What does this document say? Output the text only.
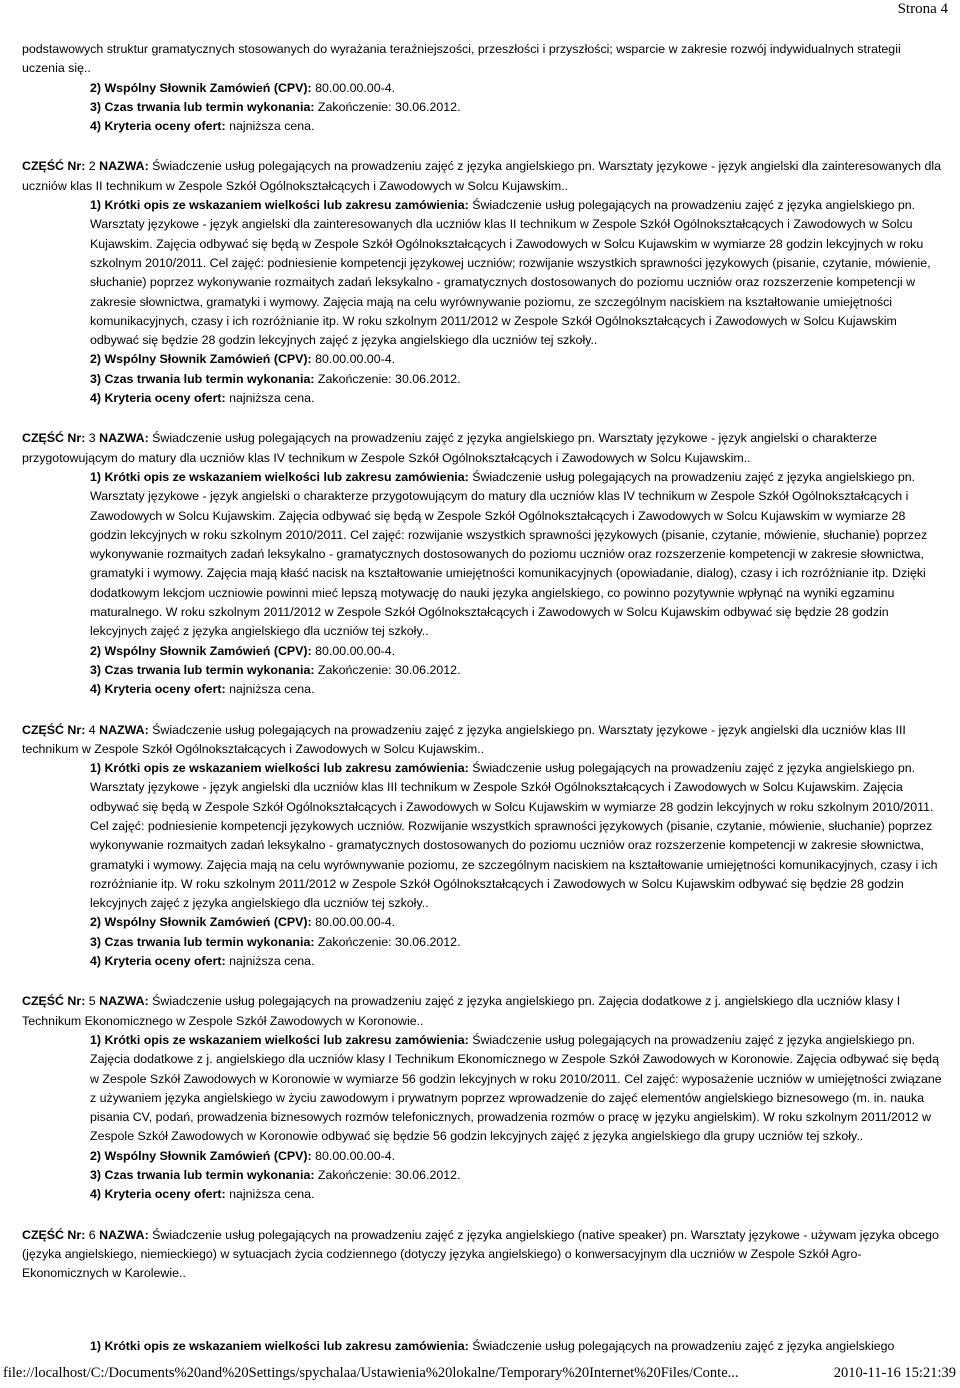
Strona 4

podstawowych struktur gramatycznych stosowanych do wyrażania teraźniejszości, przeszłości i przyszłości; wsparcie w zakresie rozwój indywidualnych strategii uczenia się..

2) Wspólny Słownik Zamówień (CPV): 80.00.00.00-4.

3) Czas trwania lub termin wykonania: Zakończenie: 30.06.2012.

4) Kryteria oceny ofert: najniższa cena.

CZĘŚĆ Nr: 2 NAZWA: Świadczenie usług polegających na prowadzeniu zajęć z języka angielskiego pn. Warsztaty językowe - język angielski dla zainteresowanych dla uczniów klas II technikum w Zespole Szkół Ogólnokształcących i Zawodowych w Solcu Kujawskim..

1) Krótki opis ze wskazaniem wielkości lub zakresu zamówienia: Świadczenie usług polegających na prowadzeniu zajęć z języka angielskiego pn. Warsztaty językowe - język angielski dla zainteresowanych dla uczniów klas II technikum w Zespole Szkół Ogólnokształcących i Zawodowych w Solcu Kujawskim. Zajęcia odbywać się będą w Zespole Szkół Ogólnokształcących i Zawodowych w Solcu Kujawskim w wymiarze 28 godzin lekcyjnych w roku szkolnym 2010/2011. Cel zajęć: podniesienie kompetencji językowej uczniów; rozwijanie wszystkich sprawności językowych (pisanie, czytanie, mówienie, słuchanie) poprzez wykonywanie rozmaitych zadań leksykalno - gramatycznych dostosowanych do poziomu uczniów oraz rozszerzenie kompetencji w zakresie słownictwa, gramatyki i wymowy. Zajęcia mają na celu wyrównywanie poziomu, ze szczególnym naciskiem na kształtowanie umiejętności komunikacyjnych, czasy i ich rozróżnianie itp. W roku szkolnym 2011/2012 w Zespole Szkół Ogólnokształcących i Zawodowych w Solcu Kujawskim odbywać się będzie 28 godzin lekcyjnych zajęć z języka angielskiego dla uczniów tej szkoły..

2) Wspólny Słownik Zamówień (CPV): 80.00.00.00-4.

3) Czas trwania lub termin wykonania: Zakończenie: 30.06.2012.

4) Kryteria oceny ofert: najniższa cena.

CZĘŚĆ Nr: 3 NAZWA: Świadczenie usług polegających na prowadzeniu zajęć z języka angielskiego pn. Warsztaty językowe - język angielski o charakterze przygotowującym do matury dla uczniów klas IV technikum w Zespole Szkół Ogólnokształcących i Zawodowych w Solcu Kujawskim..

1) Krótki opis ze wskazaniem wielkości lub zakresu zamówienia: Świadczenie usług polegających na prowadzeniu zajęć z języka angielskiego pn. Warsztaty językowe - język angielski o charakterze przygotowującym do matury dla uczniów klas IV technikum w Zespole Szkół Ogólnokształcących i Zawodowych w Solcu Kujawskim. Zajęcia odbywać się będą w Zespole Szkół Ogólnokształcących i Zawodowych w Solcu Kujawskim w wymiarze 28 godzin lekcyjnych w roku szkolnym 2010/2011. Cel zajęć: rozwijanie wszystkich sprawności językowych (pisanie, czytanie, mówienie, słuchanie) poprzez wykonywanie rozmaitych zadań leksykalno - gramatycznych dostosowanych do poziomu uczniów oraz rozszerzenie kompetencji w zakresie słownictwa, gramatyki i wymowy. Zajęcia mają kłaść nacisk na kształtowanie umiejętności komunikacyjnych (opowiadanie, dialog), czasy i ich rozróżnianie itp. Dzięki dodatkowym lekcjom uczniowie powinni mieć lepszą motywację do nauki języka angielskiego, co powinno pozytywnie wpłynąć na wyniki egzaminu maturalnego. W roku szkolnym 2011/2012 w Zespole Szkół Ogólnokształcących i Zawodowych w Solcu Kujawskim odbywać się będzie 28 godzin lekcyjnych zajęć z języka angielskiego dla uczniów tej szkoły..

2) Wspólny Słownik Zamówień (CPV): 80.00.00.00-4.

3) Czas trwania lub termin wykonania: Zakończenie: 30.06.2012.

4) Kryteria oceny ofert: najniższa cena.

CZĘŚĆ Nr: 4 NAZWA: Świadczenie usług polegających na prowadzeniu zajęć z języka angielskiego pn. Warsztaty językowe - język angielski dla uczniów klas III technikum w Zespole Szkół Ogólnokształcących i Zawodowych w Solcu Kujawskim..

1) Krótki opis ze wskazaniem wielkości lub zakresu zamówienia: Świadczenie usług polegających na prowadzeniu zajęć z języka angielskiego pn. Warsztaty językowe - język angielski dla uczniów klas III technikum w Zespole Szkół Ogólnokształcących i Zawodowych w Solcu Kujawskim. Zajęcia odbywać się będą w Zespole Szkół Ogólnokształcących i Zawodowych w Solcu Kujawskim w wymiarze 28 godzin lekcyjnych w roku szkolnym 2010/2011. Cel zajęć: podniesienie kompetencji językowych uczniów. Rozwijanie wszystkich sprawności językowych (pisanie, czytanie, mówienie, słuchanie) poprzez wykonywanie rozmaitych zadań leksykalno - gramatycznych dostosowanych do poziomu uczniów oraz rozszerzenie kompetencji w zakresie słownictwa, gramatyki i wymowy. Zajęcia mają na celu wyrównywanie poziomu, ze szczególnym naciskiem na kształtowanie umiejętności komunikacyjnych, czasy i ich rozróżnianie itp. W roku szkolnym 2011/2012 w Zespole Szkół Ogólnokształcących i Zawodowych w Solcu Kujawskim odbywać się będzie 28 godzin lekcyjnych zajęć z języka angielskiego dla uczniów tej szkoły..

2) Wspólny Słownik Zamówień (CPV): 80.00.00.00-4.

3) Czas trwania lub termin wykonania: Zakończenie: 30.06.2012.

4) Kryteria oceny ofert: najniższa cena.

CZĘŚĆ Nr: 5 NAZWA: Świadczenie usług polegających na prowadzeniu zajęć z języka angielskiego pn. Zajęcia dodatkowe z j. angielskiego dla uczniów klasy I Technikum Ekonomicznego w Zespole Szkół Zawodowych w Koronowie..

1) Krótki opis ze wskazaniem wielkości lub zakresu zamówienia: Świadczenie usług polegających na prowadzeniu zajęć z języka angielskiego pn. Zajęcia dodatkowe z j. angielskiego dla uczniów klasy I Technikum Ekonomicznego w Zespole Szkół Zawodowych w Koronowie. Zajęcia odbywać się będą w Zespole Szkół Zawodowych w Koronowie w wymiarze 56 godzin lekcyjnych w roku 2010/2011. Cel zajęć: wyposażenie uczniów w umiejętności związane z używaniem języka angielskiego w życiu zawodowym i prywatnym poprzez wprowadzenie do zajęć elementów angielskiego biznesowego (m. in. nauka pisania CV, podań, prowadzenia biznesowych rozmów telefonicznych, prowadzenia rozmów o pracę w języku angielskim). W roku szkolnym 2011/2012 w Zespole Szkół Zawodowych w Koronowie odbywać się będzie 56 godzin lekcyjnych zajęć z języka angielskiego dla grupy uczniów tej szkoły..

2) Wspólny Słownik Zamówień (CPV): 80.00.00.00-4.

3) Czas trwania lub termin wykonania: Zakończenie: 30.06.2012.

4) Kryteria oceny ofert: najniższa cena.

CZĘŚĆ Nr: 6 NAZWA: Świadczenie usług polegających na prowadzeniu zajęć z języka angielskiego (native speaker) pn. Warsztaty językowe - używam języka obcego (języka angielskiego, niemieckiego) w sytuacjach życia codziennego (dotyczy języka angielskiego) o konwersacyjnym dla uczniów w Zespole Szkół Agro-Ekonomicznych w Karolewie..

1) Krótki opis ze wskazaniem wielkości lub zakresu zamówienia: Świadczenie usług polegających na prowadzeniu zajęć z języka angielskiego
file://localhost/C:/Documents%20and%20Settings/spychalaa/Ustawienia%20lokalne/Temporary%20Internet%20Files/Conte...	2010-11-16 15:21:39
